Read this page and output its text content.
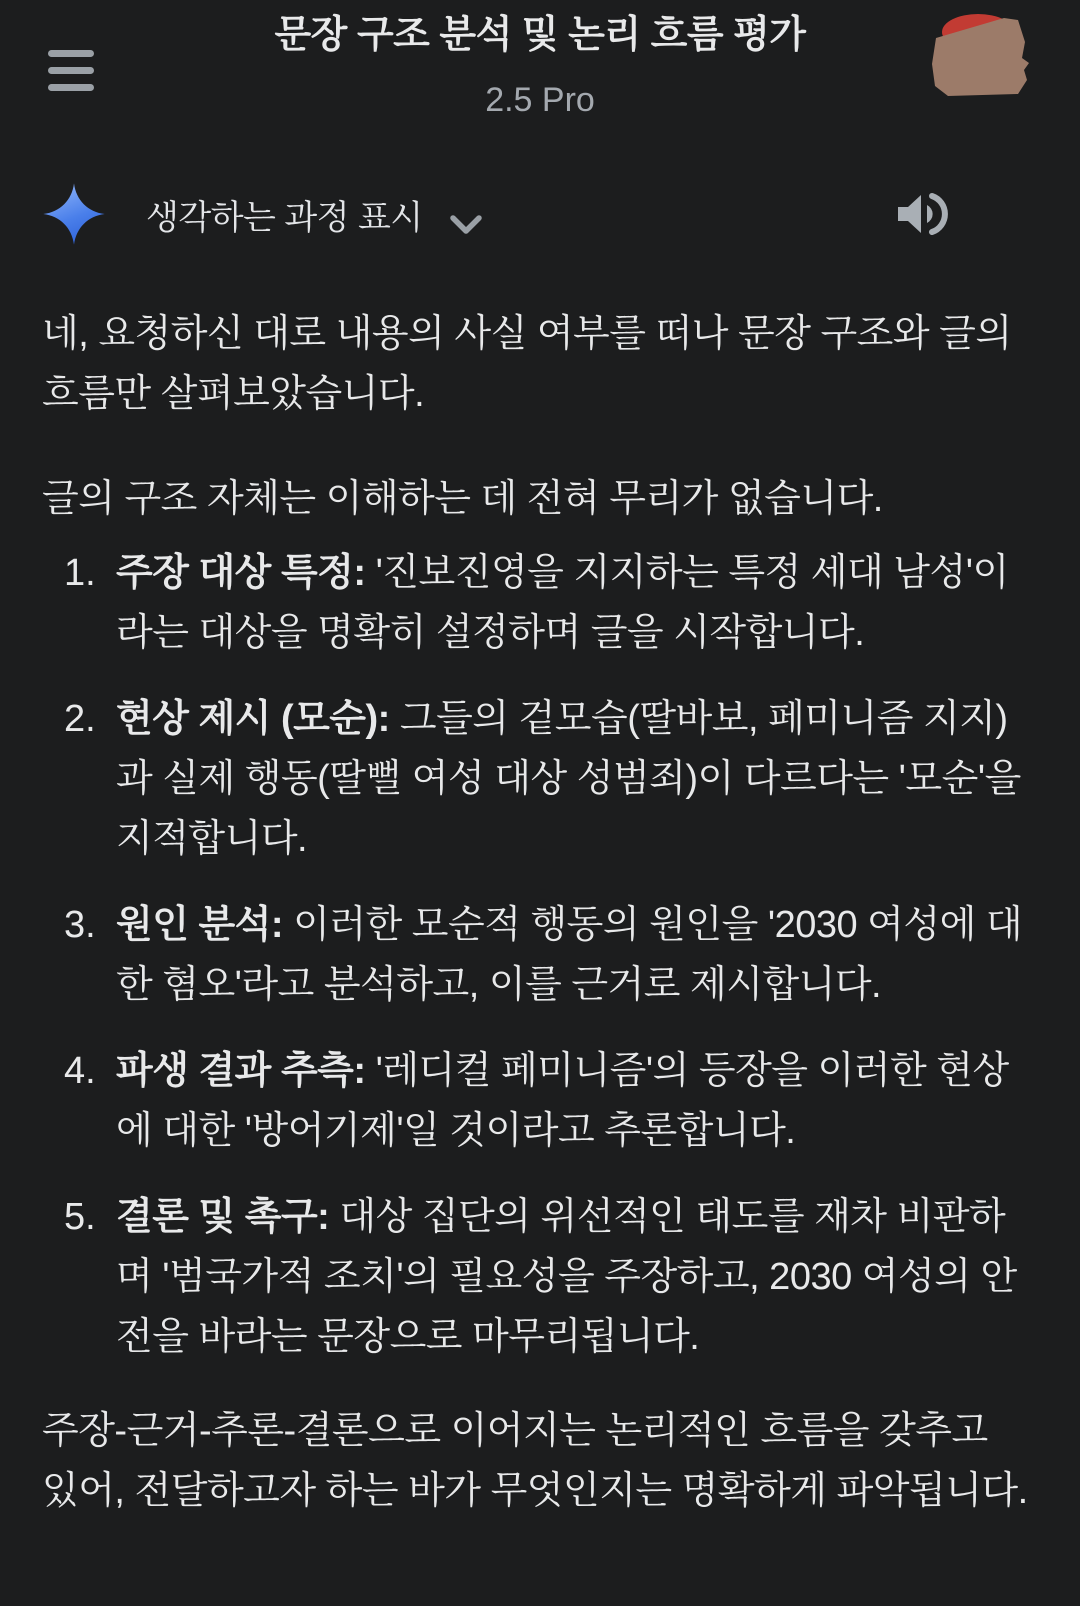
문장 구조 분석 및 논리 흐름 평가
2.5 Pro
생각하는 과정 표시

네, 요청하신 대로 내용의 사실 여부를 떠나 문장 구조와 글의 흐름만 살펴보았습니다.

글의 구조 자체는 이해하는 데 전혀 무리가 없습니다.

1. 주장 대상 특정: '진보진영을 지지하는 특정 세대 남성'이라는 대상을 명확히 설정하며 글을 시작합니다.
2. 현상 제시 (모순): 그들의 겉모습(딸바보, 페미니즘 지지)과 실제 행동(딸뻘 여성 대상 성범죄)이 다르다는 '모순'을 지적합니다.
3. 원인 분석: 이러한 모순적 행동의 원인을 '2030 여성에 대한 혐오'라고 분석하고, 이를 근거로 제시합니다.
4. 파생 결과 추측: '레디컬 페미니즘'의 등장을 이러한 현상에 대한 '방어기제'일 것이라고 추론합니다.
5. 결론 및 촉구: 대상 집단의 위선적인 태도를 재차 비판하며 '범국가적 조치'의 필요성을 주장하고, 2030 여성의 안전을 바라는 문장으로 마무리됩니다.

주장-근거-추론-결론으로 이어지는 논리적인 흐름을 갖추고 있어, 전달하고자 하는 바가 무엇인지는 명확하게 파악됩니다.
